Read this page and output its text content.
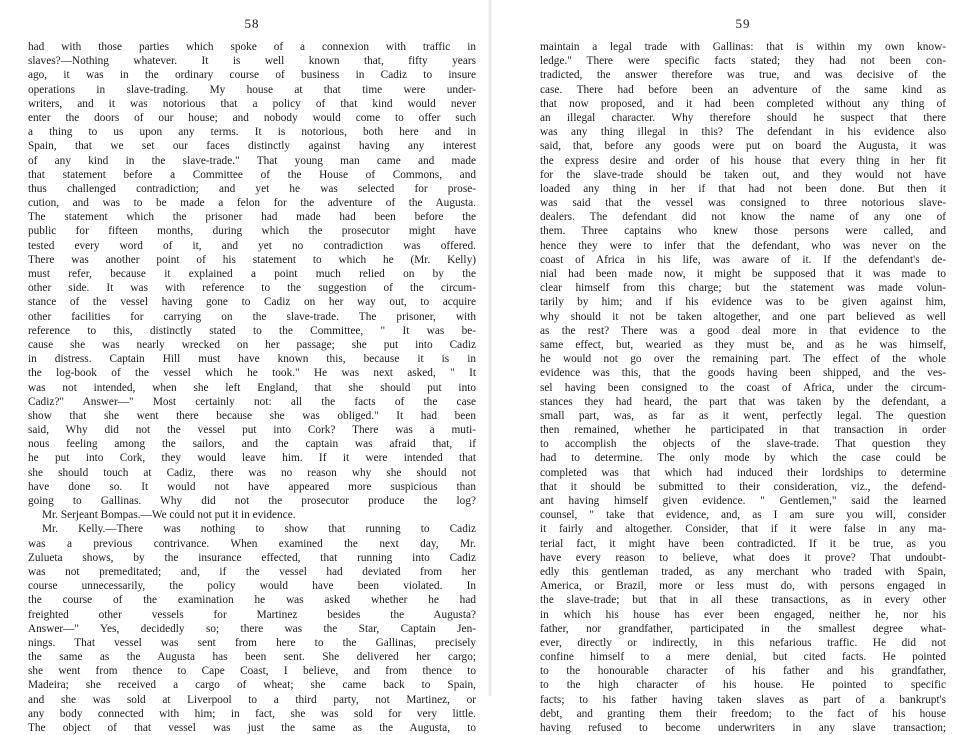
58
had with those parties which spoke of a connexion with traffic in
slaves?—Nothing whatever. It is well known that, fifty years
ago, it was in the ordinary course of business in Cadiz to insure
operations in slave-trading. My house at that time were under-
writers, and it was notorious that a policy of that kind would never
enter the doors of our house; and nobody would come to offer such
a thing to us upon any terms. It is notorious, both here and in
Spain, that we set our faces distinctly against having any interest
of any kind in the slave-trade." That young man came and made
that statement before a Committee of the House of Commons, and
thus challenged contradiction; and yet he was selected for prose-
cution, and was to be made a felon for the adventure of the Augusta.
The statement which the prisoner had made had been before the
public for fifteen months, during which the prosecutor might have
tested every word of it, and yet no contradiction was offered.
There was another point of his statement to which he (Mr. Kelly)
must refer, because it explained a point much relied on by the
other side. It was with reference to the suggestion of the circum-
stance of the vessel having gone to Cadiz on her way out, to acquire
other facilities for carrying on the slave-trade. The prisoner, with
reference to this, distinctly stated to the Committee, " It was be-
cause she was nearly wrecked on her passage; she put into Cadiz
in distress. Captain Hill must have known this, because it is in
the log-book of the vessel which he took." He was next asked, " It
was not intended, when she left England, that she should put into
Cadiz?" Answer—" Most certainly not: all the facts of the case
show that she went there because she was obliged." It had been
said, Why did not the vessel put into Cork? There was a muti-
nous feeling among the sailors, and the captain was afraid that, if
he put into Cork, they would leave him. If it were intended that
she should touch at Cadiz, there was no reason why she should not
have done so. It would not have appeared more suspicious than
going to Gallinas. Why did not the prosecutor produce the log?
Mr. Serjeant Bompas.—We could not put it in evidence.
Mr. Kelly.—There was nothing to show that running to Cadiz
was a previous contrivance. When examined the next day, Mr.
Zulueta shows, by the insurance effected, that running into Cadiz
was not premeditated; and, if the vessel had deviated from her
course unnecessarily, the policy would have been violated. In
the course of the examination he was asked whether he had
freighted other vessels for Martinez besides the Augusta?
Answer—" Yes, decidedly so; there was the Star, Captain Jen-
nings. That vessel was sent from here to the Gallinas, precisely
the same as the Augusta has been sent. She delivered her cargo;
she went from thence to Cape Coast, I believe, and from thence to
Madeira; she received a cargo of wheat; she came back to Spain,
and she was sold at Liverpool to a third party, not Martinez, or
any body connected with him; in fact, she was sold for very little.
The object of that vessel was just the same as the Augusta, to
59
maintain a legal trade with Gallinas: that is within my own know-
ledge." There were specific facts stated; they had not been con-
tradicted, the answer therefore was true, and was decisive of the
case. There had before been an adventure of the same kind as
that now proposed, and it had been completed without any thing of
an illegal character. Why therefore should he suspect that there
was any thing illegal in this? The defendant in his evidence also
said, that, before any goods were put on board the Augusta, it was
the express desire and order of his house that every thing in her fit
for the slave-trade should be taken out, and they would not have
loaded any thing in her if that had not been done. But then it
was said that the vessel was consigned to three notorious slave-
dealers. The defendant did not know the name of any one of
them. Three captains who knew those persons were called, and
hence they were to infer that the defendant, who was never on the
coast of Africa in his life, was aware of it. If the defendant's de-
nial had been made now, it might be supposed that it was made to
clear himself from this charge; but the statement was made volun-
tarily by him; and if his evidence was to be given against him,
why should it not be taken altogether, and one part believed as well
as the rest? There was a good deal more in that evidence to the
same effect, but, wearied as they must be, and as he was himself,
he would not go over the remaining part. The effect of the whole
evidence was this, that the goods having been shipped, and the ves-
sel having been consigned to the coast of Africa, under the circum-
stances they had heard, the part that was taken by the defendant, a
small part, was, as far as it went, perfectly legal. The question
then remained, whether he participated in that transaction in order
to accomplish the objects of the slave-trade. That question they
had to determine. The only mode by which the case could be
completed was that which had induced their lordships to determine
that it should be submitted to their consideration, viz., the defend-
ant having himself given evidence. " Gentlemen," said the learned
counsel, " take that evidence, and, as I am sure you will, consider
it fairly and altogether. Consider, that if it were false in any ma-
terial fact, it might have been contradicted. If it be true, as you
have every reason to believe, what does it prove? That undoubt-
edly this gentleman traded, as any merchant who traded with Spain,
America, or Brazil, more or less must do, with persons engaged in
the slave-trade; but that in all these transactions, as in every other
in which his house has ever been engaged, neither he, nor his
father, nor grandfather, participated in the smallest degree what-
ever, directly or indirectly, in this nefarious traffic. He did not
confine himself to a mere denial, but cited facts. He pointed
to the honourable character of his father and his grandfather,
to the high character of his house. He pointed to specific
facts; to his father having taken slaves as part of a bankrupt's
debt, and granting them their freedom; to the fact of his house
having refused to become underwriters in any slave transaction;
